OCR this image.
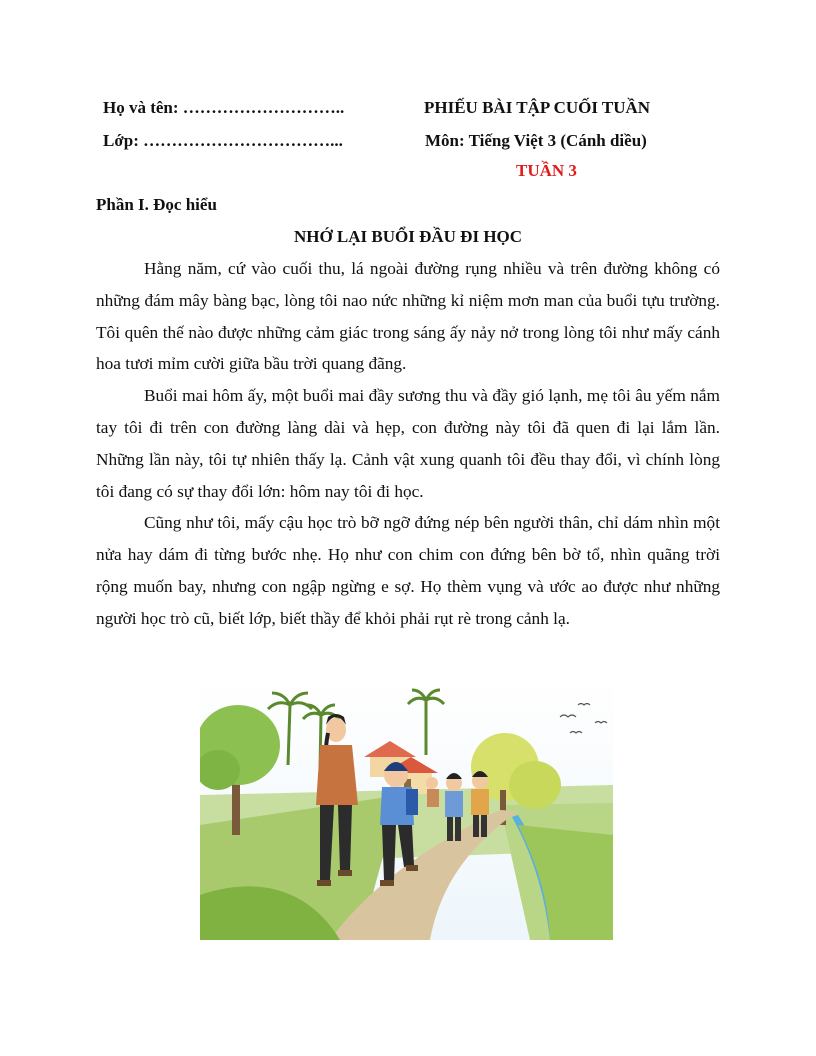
Họ và tên: ………………………..
Lớp: ……………………………...
PHIẾU BÀI TẬP CUỐI TUẦN
Môn: Tiếng Việt 3 (Cánh diều)
TUẦN 3
Phần I. Đọc hiểu
NHỚ LẠI BUỔI ĐẦU ĐI HỌC

Hằng năm, cứ vào cuối thu, lá ngoài đường rụng nhiều và trên đường không có những đám mây bàng bạc, lòng tôi nao nức những kỉ niệm mơn man của buổi tựu trường. Tôi quên thế nào được những cảm giác trong sáng ấy nảy nở trong lòng tôi như mấy cánh hoa tươi mỉm cười giữa bầu trời quang đãng.

Buổi mai hôm ấy, một buổi mai đầy sương thu và đầy gió lạnh, mẹ tôi âu yếm nắm tay tôi đi trên con đường làng dài và hẹp, con đường này tôi đã quen đi lại lắm lần. Những lần này, tôi tự nhiên thấy lạ. Cảnh vật xung quanh tôi đều thay đổi, vì chính lòng tôi đang có sự thay đổi lớn: hôm nay tôi đi học.

Cũng như tôi, mấy cậu học trò bỡ ngỡ đứng nép bên người thân, chỉ dám nhìn một nửa hay dám đi từng bước nhẹ. Họ như con chim con đứng bên bờ tổ, nhìn quãng trời rộng muốn bay, nhưng con ngập ngừng e sợ. Họ thèm vụng và ước ao được như những người học trò cũ, biết lớp, biết thầy để khỏi phải rụt rè trong cảnh lạ.
